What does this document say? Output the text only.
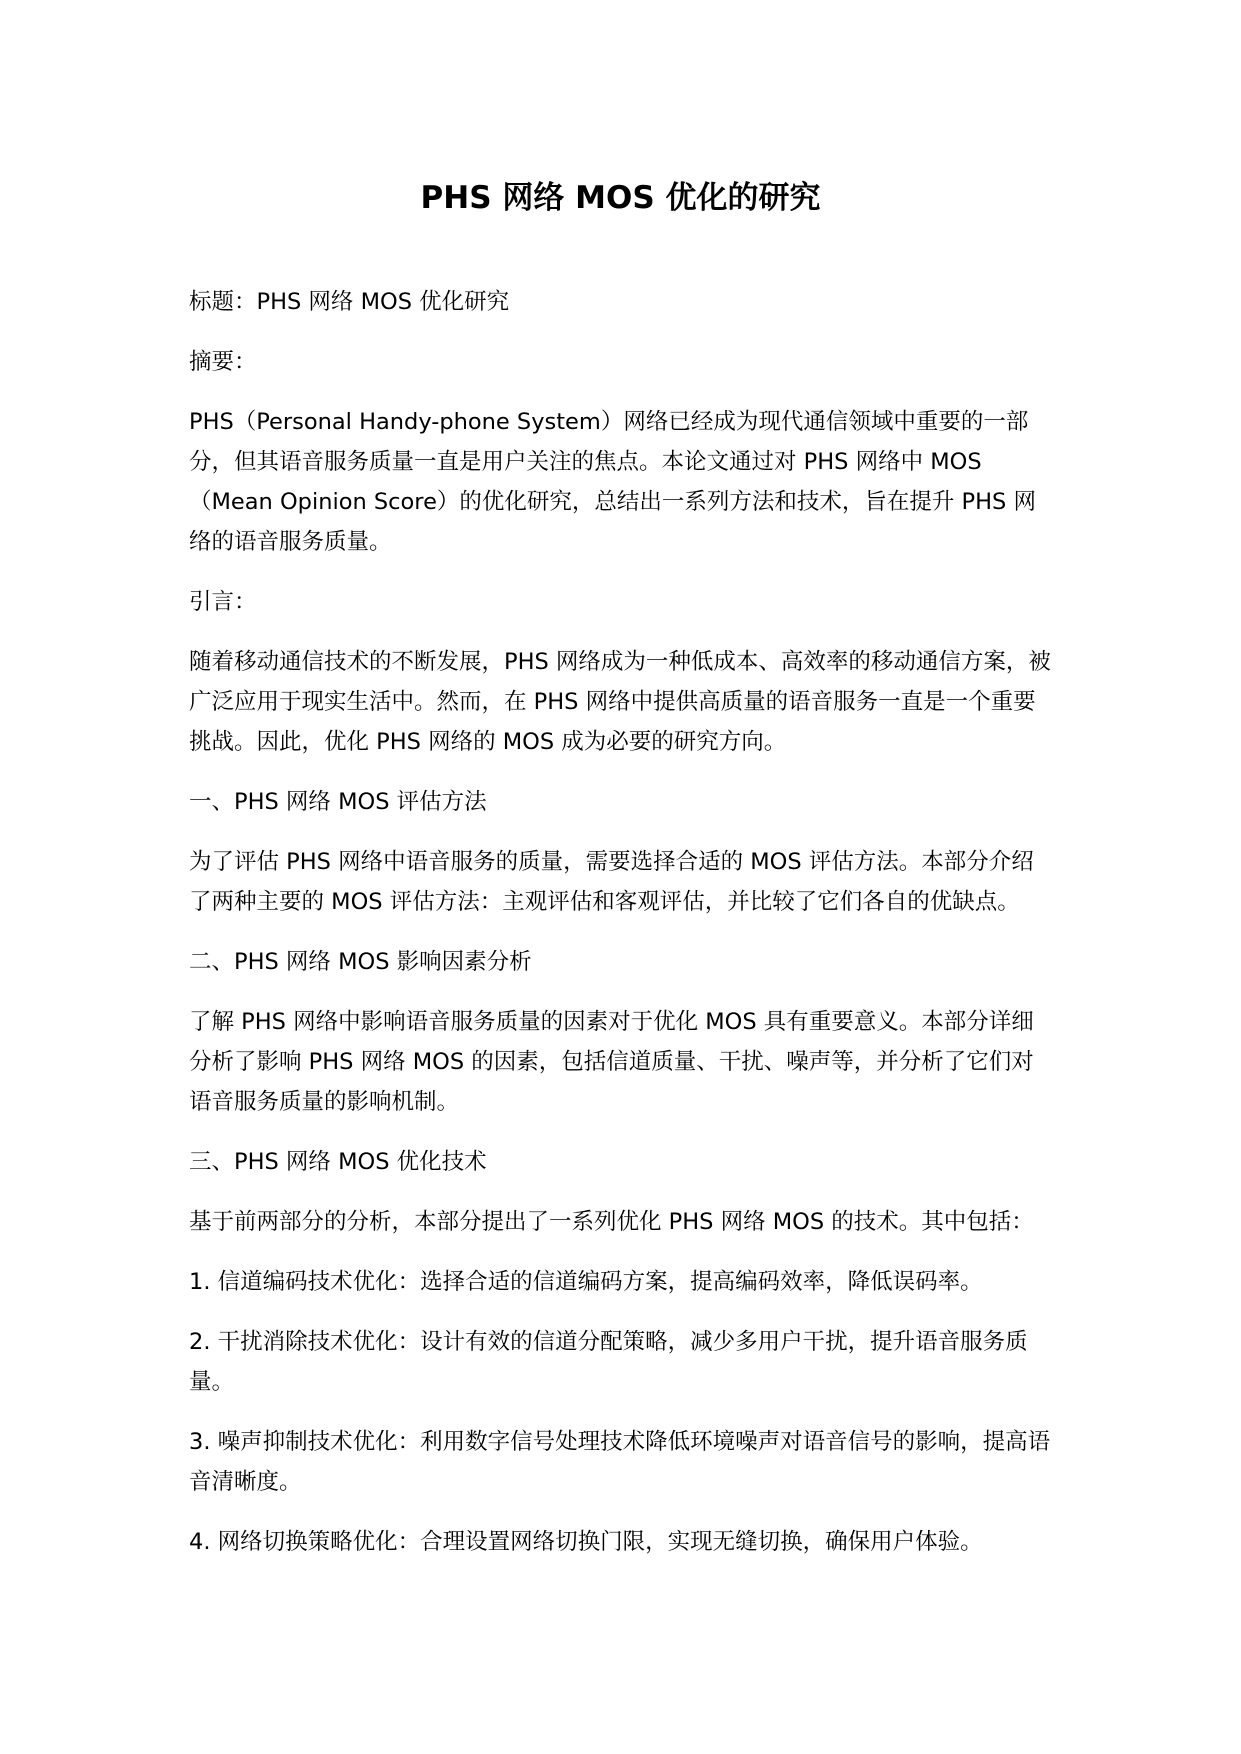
PHS 网络 MOS 优化的研究

标题：PHS 网络 MOS 优化研究

摘要：

PHS（Personal Handy-phone System）网络已经成为现代通信领域中重要的一部分，但其语音服务质量一直是用户关注的焦点。本论文通过对 PHS 网络中 MOS（Mean Opinion Score）的优化研究，总结出一系列方法和技术，旨在提升 PHS 网络的语音服务质量。

引言：

随着移动通信技术的不断发展，PHS 网络成为一种低成本、高效率的移动通信方案，被广泛应用于现实生活中。然而，在 PHS 网络中提供高质量的语音服务一直是一个重要挑战。因此，优化 PHS 网络的 MOS 成为必要的研究方向。

一、PHS 网络 MOS 评估方法

为了评估 PHS 网络中语音服务的质量，需要选择合适的 MOS 评估方法。本部分介绍了两种主要的 MOS 评估方法：主观评估和客观评估，并比较了它们各自的优缺点。

二、PHS 网络 MOS 影响因素分析

了解 PHS 网络中影响语音服务质量的因素对于优化 MOS 具有重要意义。本部分详细分析了影响 PHS 网络 MOS 的因素，包括信道质量、干扰、噪声等，并分析了它们对语音服务质量的影响机制。

三、PHS 网络 MOS 优化技术

基于前两部分的分析，本部分提出了一系列优化 PHS 网络 MOS 的技术。其中包括：

1. 信道编码技术优化：选择合适的信道编码方案，提高编码效率，降低误码率。

2. 干扰消除技术优化：设计有效的信道分配策略，减少多用户干扰，提升语音服务质量。

3. 噪声抑制技术优化：利用数字信号处理技术降低环境噪声对语音信号的影响，提高语音清晰度。

4. 网络切换策略优化：合理设置网络切换门限，实现无缝切换，确保用户体验。
